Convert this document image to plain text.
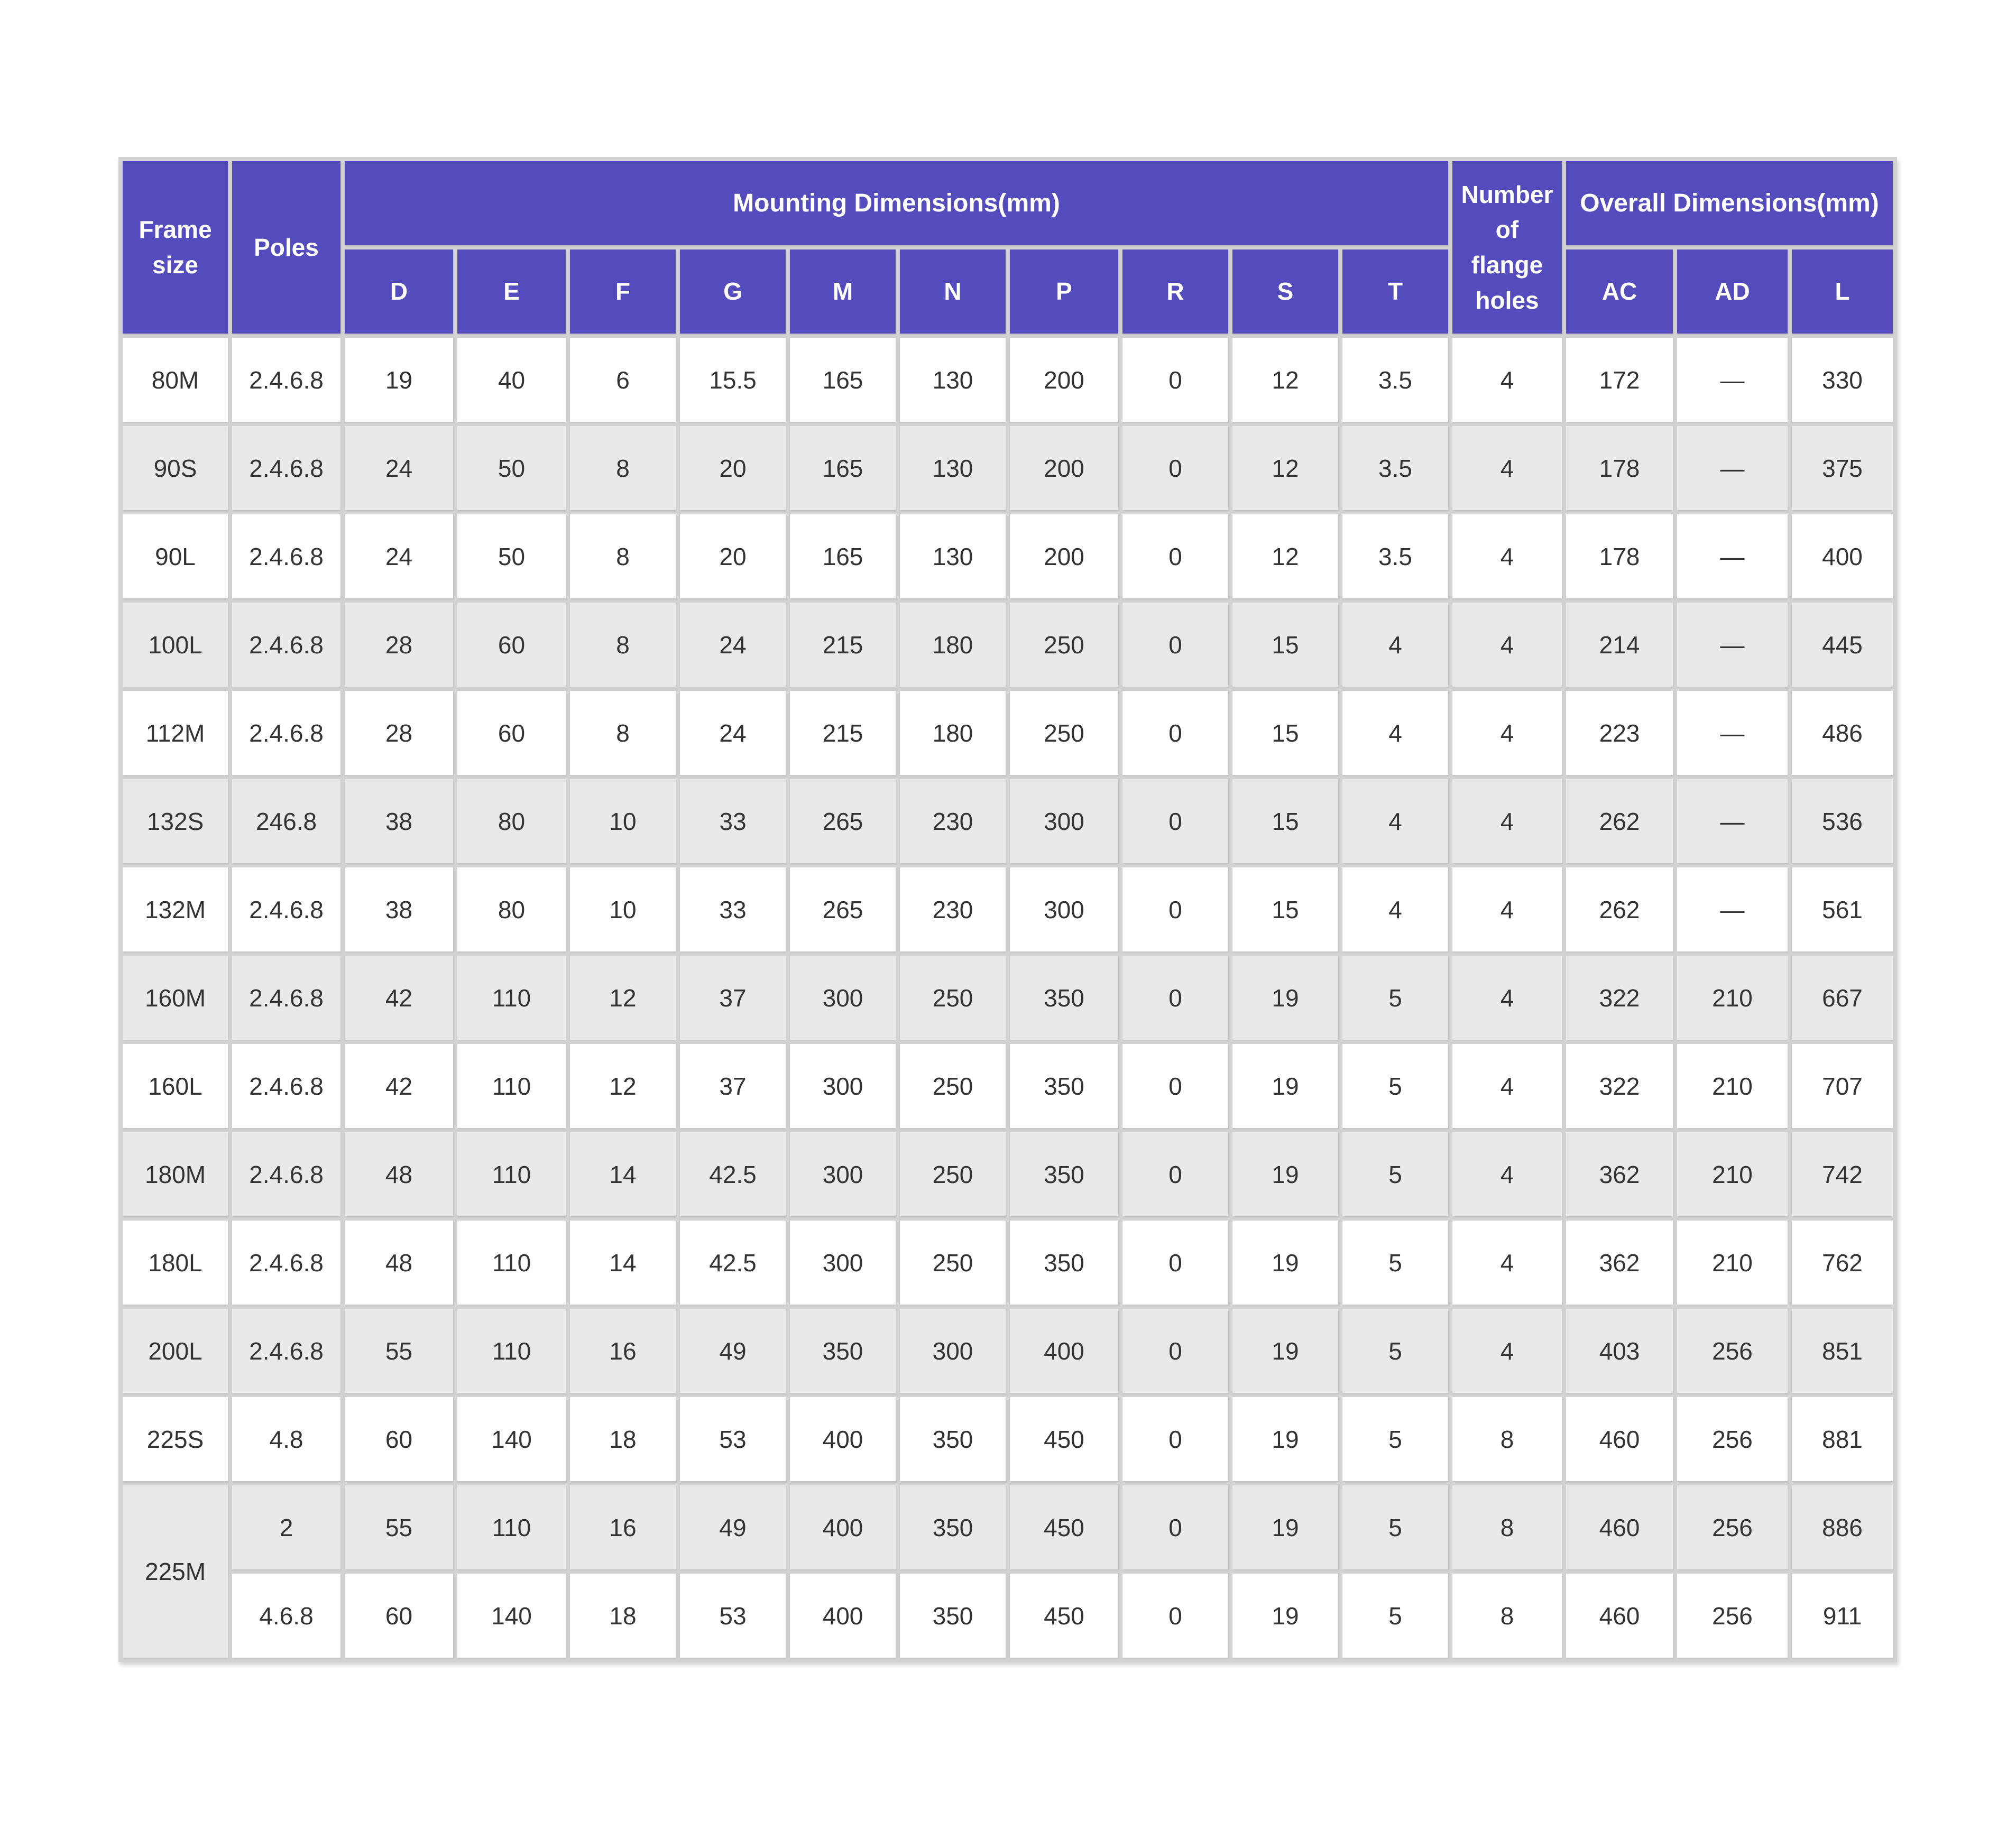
Frame size	Poles	Mounting Dimensions(mm)										Number of flange holes	Overall Dimensions(mm)		
		D	E	F	G	M	N	P	R	S	T		AC	AD	L
80M	2.4.6.8	19	40	6	15.5	165	130	200	0	12	3.5	4	172	—	330
90S	2.4.6.8	24	50	8	20	165	130	200	0	12	3.5	4	178	—	375
90L	2.4.6.8	24	50	8	20	165	130	200	0	12	3.5	4	178	—	400
100L	2.4.6.8	28	60	8	24	215	180	250	0	15	4	4	214	—	445
112M	2.4.6.8	28	60	8	24	215	180	250	0	15	4	4	223	—	486
132S	246.8	38	80	10	33	265	230	300	0	15	4	4	262	—	536
132M	2.4.6.8	38	80	10	33	265	230	300	0	15	4	4	262	—	561
160M	2.4.6.8	42	110	12	37	300	250	350	0	19	5	4	322	210	667
160L	2.4.6.8	42	110	12	37	300	250	350	0	19	5	4	322	210	707
180M	2.4.6.8	48	110	14	42.5	300	250	350	0	19	5	4	362	210	742
180L	2.4.6.8	48	110	14	42.5	300	250	350	0	19	5	4	362	210	762
200L	2.4.6.8	55	110	16	49	350	300	400	0	19	5	4	403	256	851
225S	4.8	60	140	18	53	400	350	450	0	19	5	8	460	256	881
225M	2	55	110	16	49	400	350	450	0	19	5	8	460	256	886
	4.6.8	60	140	18	53	400	350	450	0	19	5	8	460	256	911
